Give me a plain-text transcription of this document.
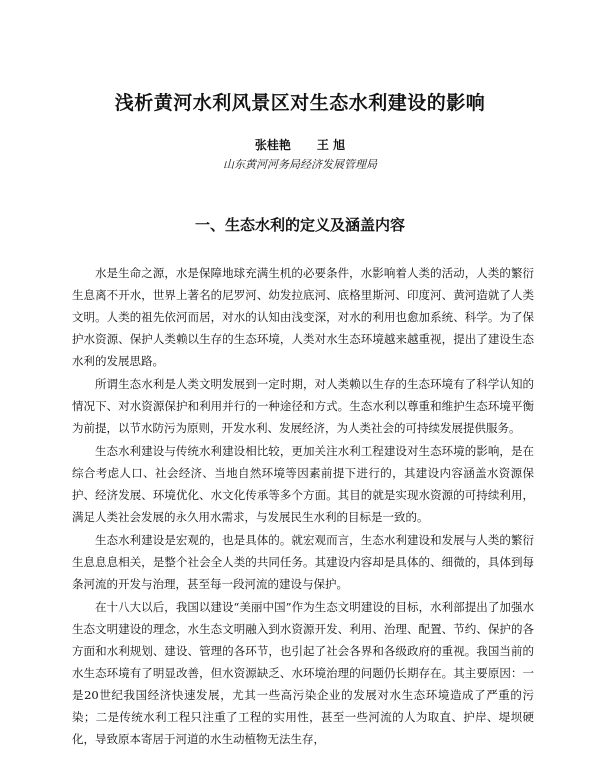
浅析黄河水利风景区对生态水利建设的影响
张桂艳 王 旭
山东黄河河务局经济发展管理局
一、生态水利的定义及涵盖内容

水是生命之源，水是保障地球充满生机的必要条件，水影响着人类的活动，人类的繁衍生息离不开水，世界上著名的尼罗河、幼发拉底河、底格里斯河、印度河、黄河造就了人类文明。人类的祖先依河而居，对水的认知由浅变深，对水的利用也愈加系统、科学。为了保护水资源、保护人类赖以生存的生态环境，人类对水生态环境越来越重视，提出了建设生态水利的发展思路。

所谓生态水利是人类文明发展到一定时期，对人类赖以生存的生态环境有了科学认知的情况下、对水资源保护和利用并行的一种途径和方式。生态水利以尊重和维护生态环境平衡为前提，以节水防污为原则，开发水利、发展经济，为人类社会的可持续发展提供服务。

生态水利建设与传统水利建设相比较，更加关注水利工程建设对生态环境的影响，是在综合考虑人口、社会经济、当地自然环境等因素前提下进行的，其建设内容涵盖水资源保护、经济发展、环境优化、水文化传承等多个方面。其目的就是实现水资源的可持续利用，满足人类社会发展的永久用水需求，与发展民生水利的目标是一致的。

生态水利建设是宏观的，也是具体的。就宏观而言，生态水利建设和发展与人类的繁衍生息息息相关，是整个社会全人类的共同任务。其建设内容却是具体的、细微的，具体到每条河流的开发与治理，甚至每一段河流的建设与保护。

在十八大以后，我国以建设“美丽中国”作为生态文明建设的目标，水利部提出了加强水生态文明建设的理念，水生态文明融入到水资源开发、利用、治理、配置、节约、保护的各方面和水利规划、建设、管理的各环节，也引起了社会各界和各级政府的重视。我国当前的水生态环境有了明显改善，但水资源缺乏、水环境治理的问题仍长期存在。其主要原因：一是20世纪我国经济快速发展，尤其一些高污染企业的发展对水生态环境造成了严重的污染；二是传统水利工程只注重了工程的实用性，甚至一些河流的人为取直、护岸、堤坝硬化，导致原本寄居于河道的水生动植物无法生存，
